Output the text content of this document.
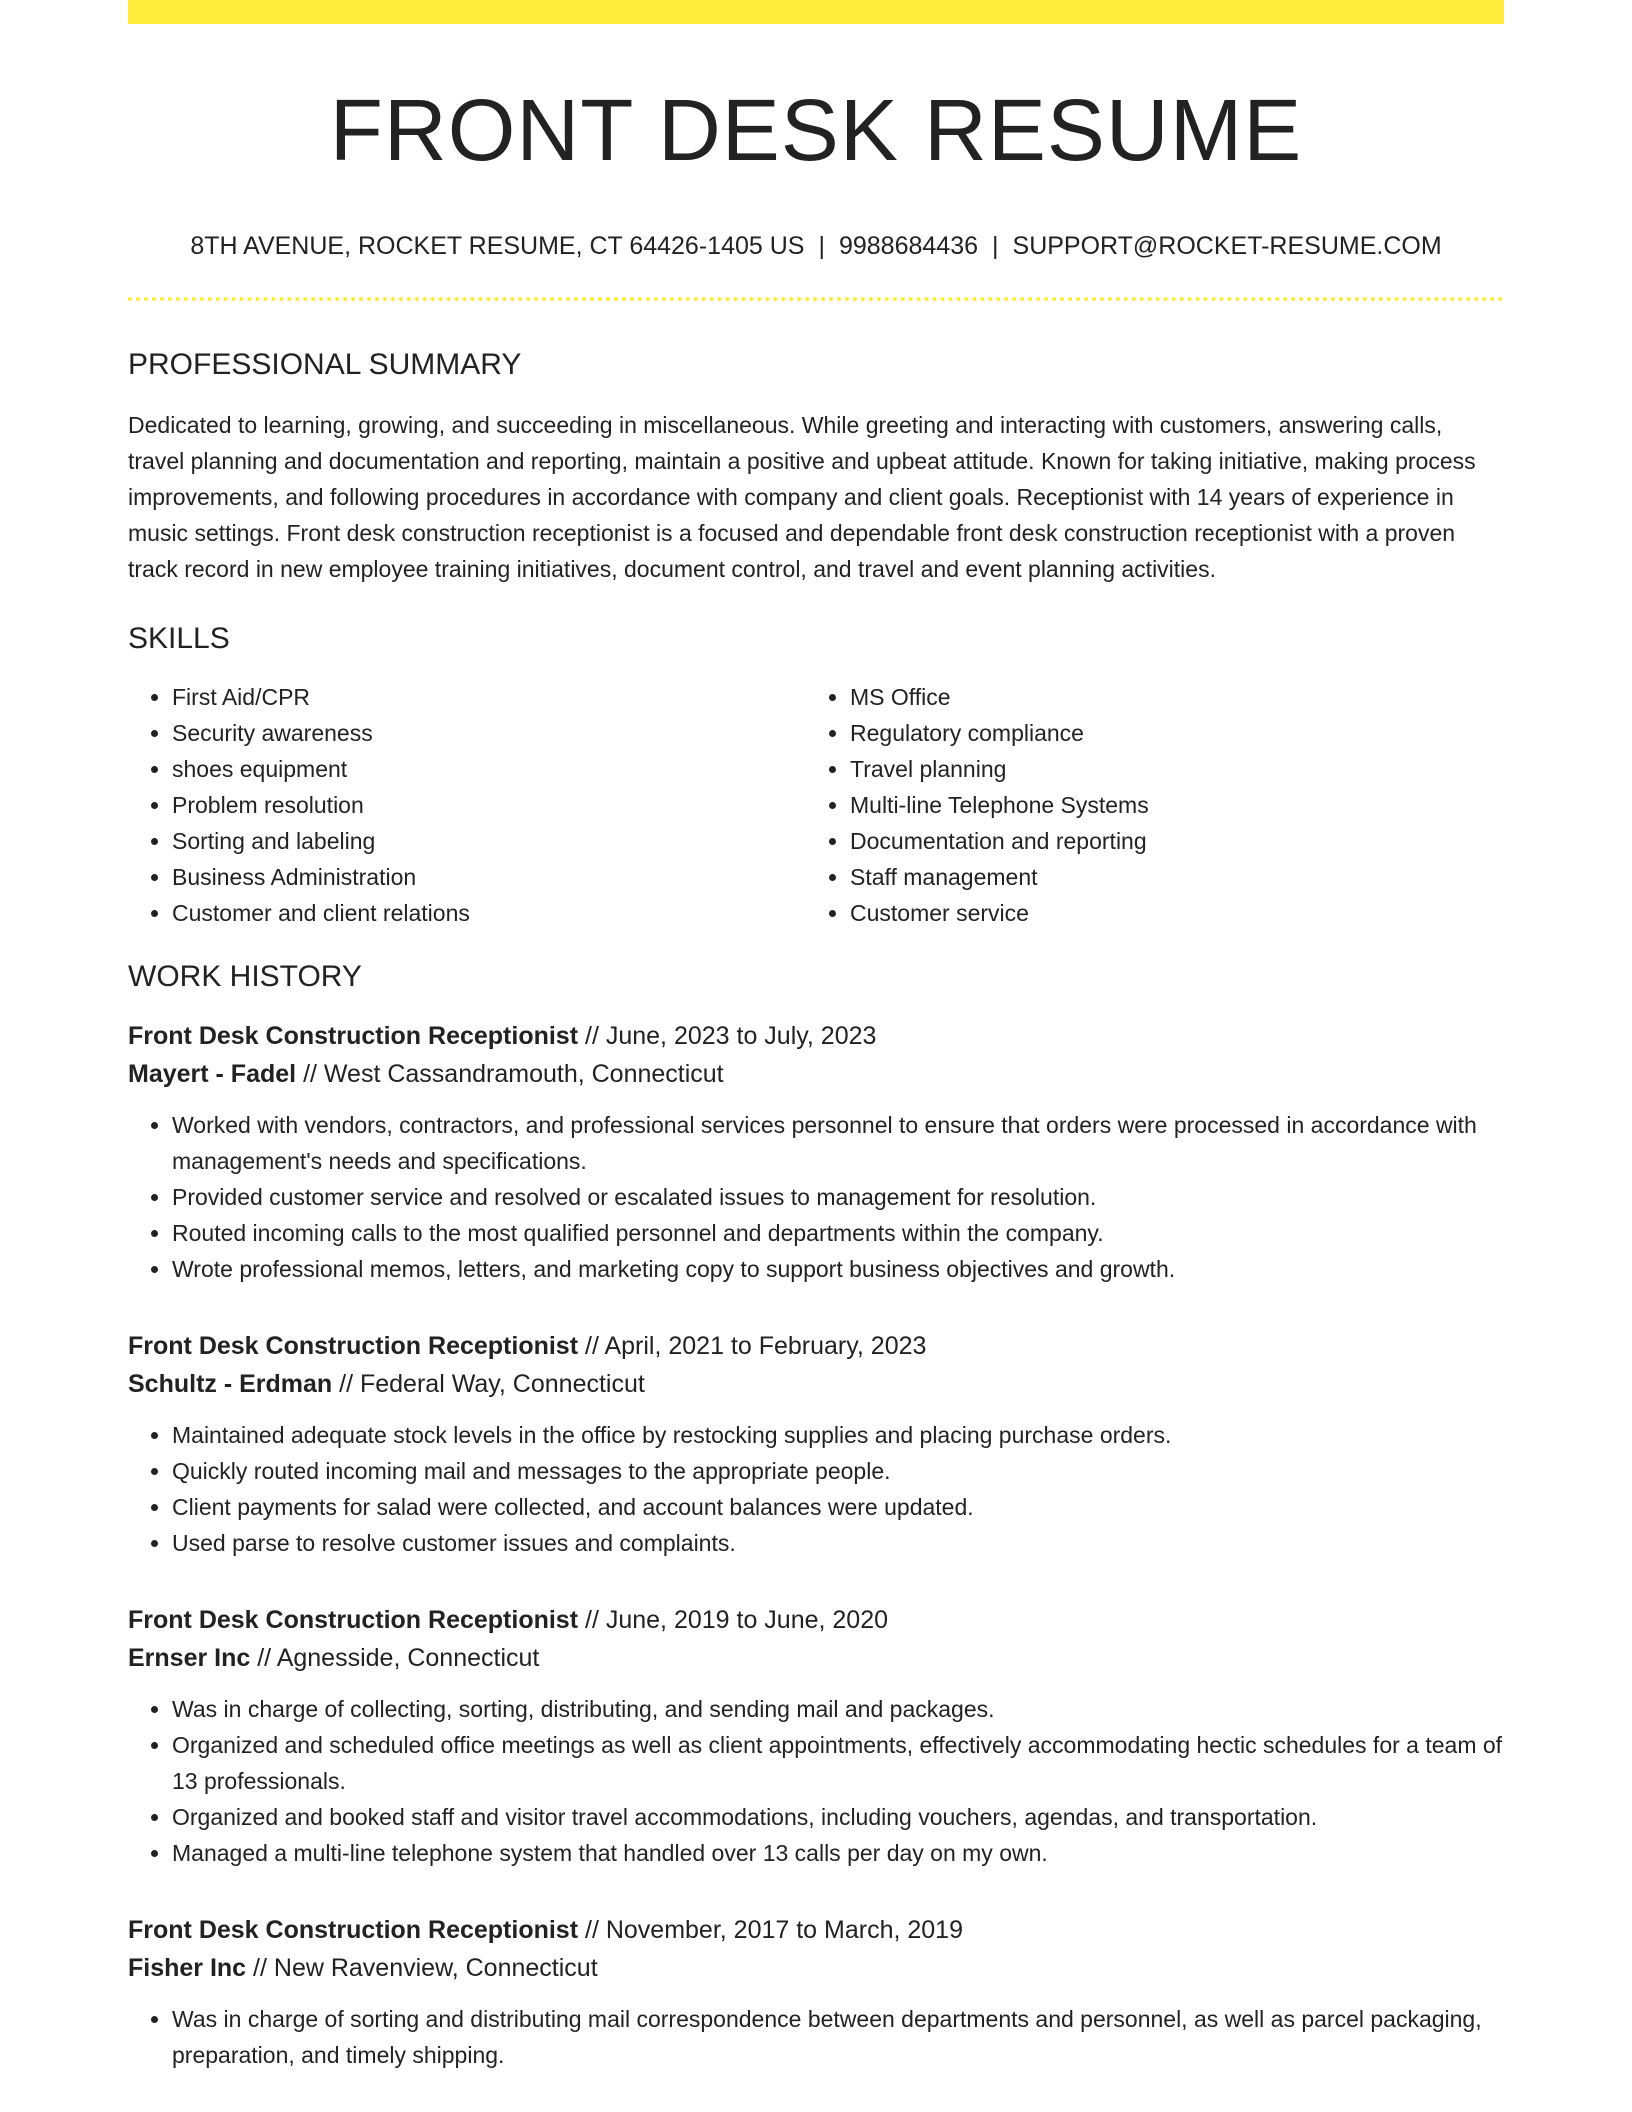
FRONT DESK RESUME
8TH AVENUE, ROCKET RESUME, CT 64426-1405 US | 9988684436 | SUPPORT@ROCKET-RESUME.COM
PROFESSIONAL SUMMARY
Dedicated to learning, growing, and succeeding in miscellaneous. While greeting and interacting with customers, answering calls, travel planning and documentation and reporting, maintain a positive and upbeat attitude. Known for taking initiative, making process improvements, and following procedures in accordance with company and client goals. Receptionist with 14 years of experience in music settings. Front desk construction receptionist is a focused and dependable front desk construction receptionist with a proven track record in new employee training initiatives, document control, and travel and event planning activities.
SKILLS
• First Aid/CPR
• Security awareness
• shoes equipment
• Problem resolution
• Sorting and labeling
• Business Administration
• Customer and client relations
• MS Office
• Regulatory compliance
• Travel planning
• Multi-line Telephone Systems
• Documentation and reporting
• Staff management
• Customer service
WORK HISTORY
Front Desk Construction Receptionist // June, 2023 to July, 2023
Mayert - Fadel // West Cassandramouth, Connecticut
• Worked with vendors, contractors, and professional services personnel to ensure that orders were processed in accordance with management's needs and specifications.
• Provided customer service and resolved or escalated issues to management for resolution.
• Routed incoming calls to the most qualified personnel and departments within the company.
• Wrote professional memos, letters, and marketing copy to support business objectives and growth.
Front Desk Construction Receptionist // April, 2021 to February, 2023
Schultz - Erdman // Federal Way, Connecticut
• Maintained adequate stock levels in the office by restocking supplies and placing purchase orders.
• Quickly routed incoming mail and messages to the appropriate people.
• Client payments for salad were collected, and account balances were updated.
• Used parse to resolve customer issues and complaints.
Front Desk Construction Receptionist // June, 2019 to June, 2020
Ernser Inc // Agnesside, Connecticut
• Was in charge of collecting, sorting, distributing, and sending mail and packages.
• Organized and scheduled office meetings as well as client appointments, effectively accommodating hectic schedules for a team of 13 professionals.
• Organized and booked staff and visitor travel accommodations, including vouchers, agendas, and transportation.
• Managed a multi-line telephone system that handled over 13 calls per day on my own.
Front Desk Construction Receptionist // November, 2017 to March, 2019
Fisher Inc // New Ravenview, Connecticut
• Was in charge of sorting and distributing mail correspondence between departments and personnel, as well as parcel packaging, preparation, and timely shipping.
